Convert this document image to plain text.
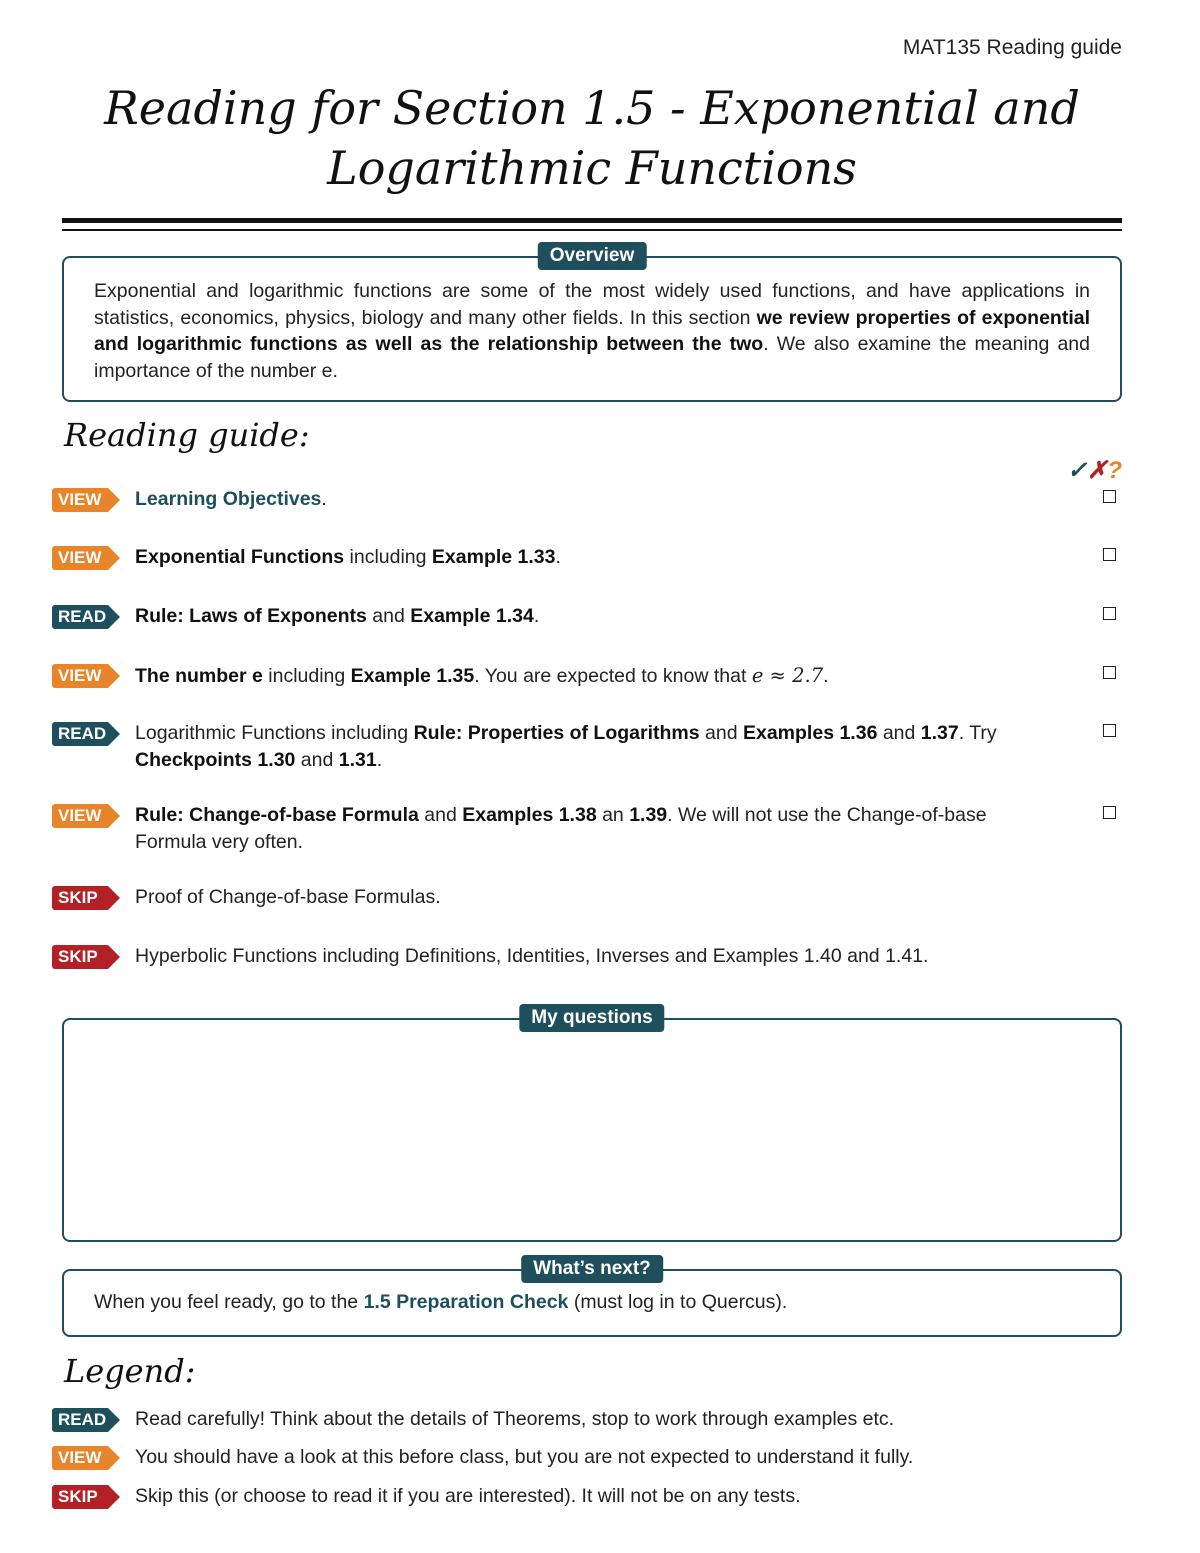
MAT135 Reading guide
Reading for Section 1.5 - Exponential and
Logarithmic Functions
Overview
Exponential and logarithmic functions are some of the most widely used functions, and have applications in statistics, economics, physics, biology and many other fields. In this section we review properties of exponential and logarithmic functions as well as the relationship between the two. We also examine the meaning and importance of the number e.
Reading guide:
✓✗?
VIEW	Learning Objectives.
VIEW	Exponential Functions including Example 1.33.
READ Rule: Laws of Exponents and Example 1.34.
VIEW	The number e including Example 1.35. You are expected to know that e ≈ 2.7.
READ Logarithmic Functions including Rule: Properties of Logarithms and Examples 1.36 and 1.37. Try Checkpoints 1.30 and 1.31.
VIEW	Rule: Change-of-base Formula and Examples 1.38 an 1.39. We will not use the Change-of-base Formula very often.
SKIP	Proof of Change-of-base Formulas.
SKIP	Hyperbolic Functions including Definitions, Identities, Inverses and Examples 1.40 and 1.41.
My questions
What’s next?
When you feel ready, go to the 1.5 Preparation Check (must log in to Quercus).
Legend:
READ Read carefully! Think about the details of Theorems, stop to work through examples etc.
VIEW	You should have a look at this before class, but you are not expected to understand it fully.
SKIP	Skip this (or choose to read it if you are interested). It will not be on any tests.
